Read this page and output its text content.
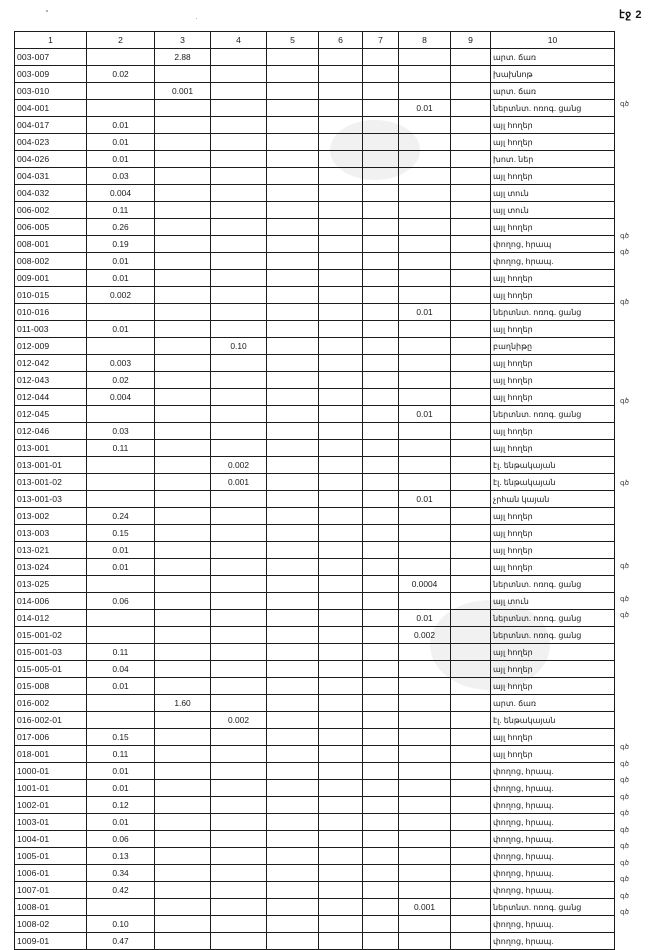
էջ 2
1	2	3	4	5	6	7	8	9	10
003-007		2.88							արտ. ճառ
003-009	0.02								խախնոթ
003-010		0.001							արտ. ճառ
004-001							0.01		ներտնտ. ոռոգ. ցանց
004-017	0.01								այլ հողեր
004-023	0.01								այլ հողեր
004-026	0.01								խոտ. ներ
004-031	0.03								այլ հողեր
004-032	0.004								այլ տուն
006-002	0.11								այլ տուն
006-005	0.26								այլ հողեր
008-001	0.19								փողոց, հրապ
008-002	0.01								փողոց, հրապ.
009-001	0.01								այլ հողեր
010-015	0.002								այլ հողեր
010-016							0.01		ներտնտ. ոռոգ. ցանց
011-003	0.01								այլ հողեր
012-009			0.10						բաղնիթը
012-042	0.003								այլ հողեր
012-043	0.02								այլ հողեր
012-044	0.004								այլ հողեր
012-045							0.01		ներտնտ. ոռոգ. ցանց
012-046	0.03								այլ հողեր
013-001	0.11								այլ հողեր
013-001-01			0.002						էլ. ենթակայան
013-001-02			0.001						էլ. ենթակայան
013-001-03							0.01		չրհան կայան
013-002	0.24								այլ հողեր
013-003	0.15								այլ հողեր
013-021	0.01								այլ հողեր
013-024	0.01								այլ հողեր
013-025							0.0004		ներտնտ. ոռոգ. ցանց
014-006	0.06								այլ տուն
014-012							0.01		ներտնտ. ոռոգ. ցանց
015-001-02							0.002		ներտնտ. ոռոգ. ցանց
015-001-03	0.11								այլ հողեր
015-005-01	0.04								այլ հողեր
015-008	0.01								այլ հողեր
016-002		1.60							արտ. ճառ
016-002-01			0.002						էլ. ենթակայան
017-006	0.15								այլ հողեր
018-001	0.11								այլ հողեր
1000-01	0.01								փողոց, հրապ.
1001-01	0.01								փողոց, հրապ.
1002-01	0.12								փողոց, հրապ.
1003-01	0.01								փողոց, հրապ.
1004-01	0.06								փողոց, հրապ.
1005-01	0.13								փողոց, հրապ.
1006-01	0.34								փողոց, հրապ.
1007-01	0.42								փողոց, հրապ.
1008-01							0.001		ներտնտ. ոռոգ. ցանց
1008-02	0.10								փողոց, հրապ.
1009-01	0.47								փողոց, հրապ.
գծ
գծ
գծ
գծ
գծ
գծ
գծ
գծ
գծ
գծ
գծ
գծ
գծ
գծ
գծ
գծ
գծ
գծ
գծ
գծ
